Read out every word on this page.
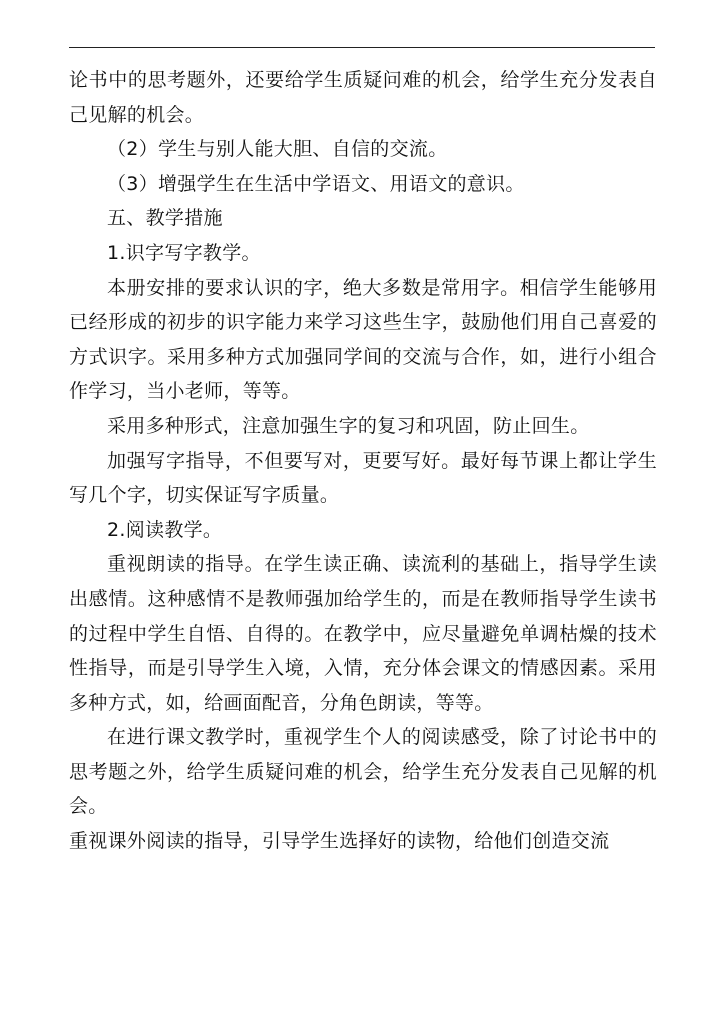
论书中的思考题外，还要给学生质疑问难的机会，给学生充分发表自己见解的机会。

（2）学生与别人能大胆、自信的交流。

（3）增强学生在生活中学语文、用语文的意识。

五、教学措施

1.识字写字教学。

本册安排的要求认识的字，绝大多数是常用字。相信学生能够用已经形成的初步的识字能力来学习这些生字，鼓励他们用自己喜爱的方式识字。采用多种方式加强同学间的交流与合作，如，进行小组合作学习，当小老师，等等。

采用多种形式，注意加强生字的复习和巩固，防止回生。

加强写字指导，不但要写对，更要写好。最好每节课上都让学生写几个字，切实保证写字质量。

2.阅读教学。

重视朗读的指导。在学生读正确、读流利的基础上，指导学生读出感情。这种感情不是教师强加给学生的，而是在教师指导学生读书的过程中学生自悟、自得的。在教学中，应尽量避免单调枯燥的技术性指导，而是引导学生入境，入情，充分体会课文的情感因素。采用多种方式，如，给画面配音，分角色朗读，等等。

在进行课文教学时，重视学生个人的阅读感受，除了讨论书中的思考题之外，给学生质疑问难的机会，给学生充分发表自己见解的机会。

重视课外阅读的指导，引导学生选择好的读物，给他们创造交流
